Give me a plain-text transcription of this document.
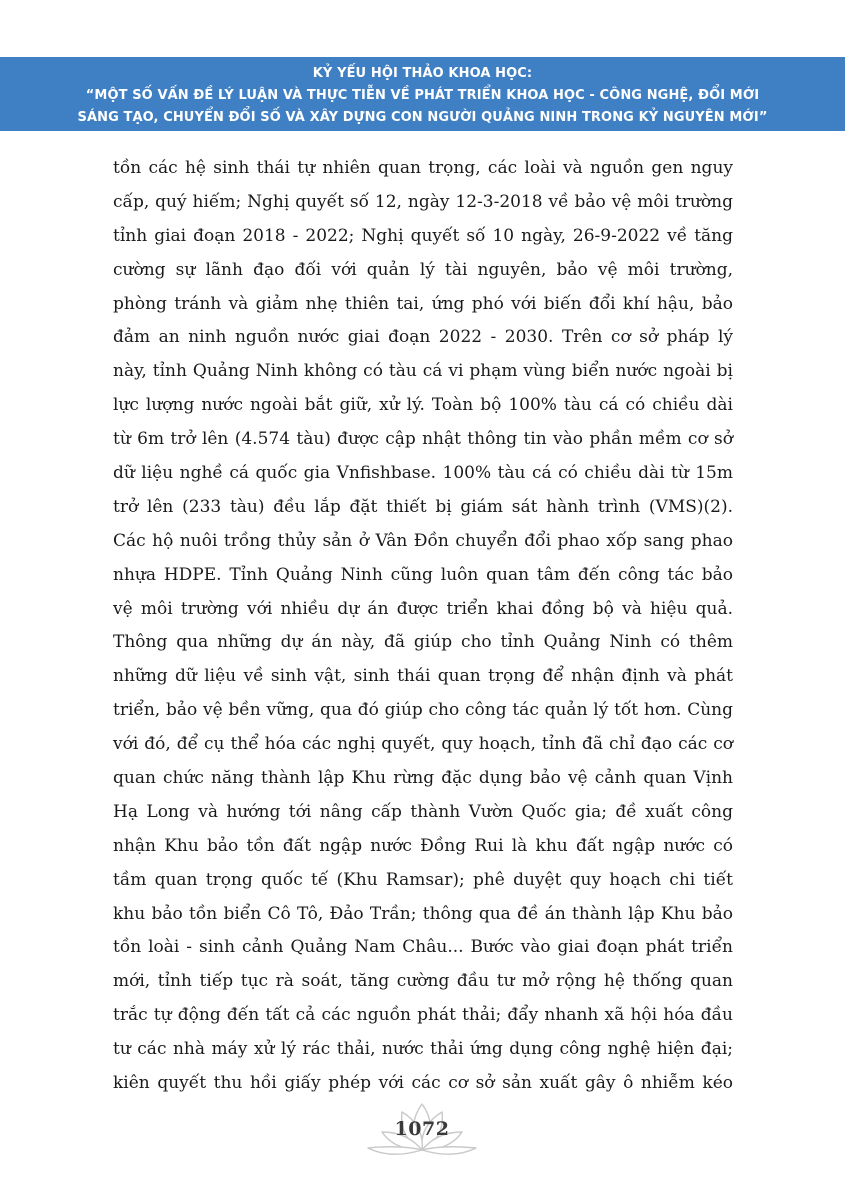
KỶ YẾU HỘI THẢO KHOA HỌC:
“MỘT SỐ VẤN ĐỀ LÝ LUẬN VÀ THỰC TIỄN VỀ PHÁT TRIỂN KHOA HỌC - CÔNG NGHỆ, ĐỔI MỚI
SÁNG TẠO, CHUYỂN ĐỔI SỐ VÀ XÂY DỰNG CON NGƯỜI QUẢNG NINH TRONG KỶ NGUYÊN MỚI”
tồn các hệ sinh thái tự nhiên quan trọng, các loài và nguồn gen nguy
cấp, quý hiếm; Nghị quyết số 12, ngày 12-3-2018 về bảo vệ môi trường
tỉnh giai đoạn 2018 - 2022; Nghị quyết số 10 ngày, 26-9-2022 về tăng
cường sự lãnh đạo đối với quản lý tài nguyên, bảo vệ môi trường,
phòng tránh và giảm nhẹ thiên tai, ứng phó với biến đổi khí hậu, bảo
đảm an ninh nguồn nước giai đoạn 2022 - 2030. Trên cơ sở pháp lý
này, tỉnh Quảng Ninh không có tàu cá vi phạm vùng biển nước ngoài bị
lực lượng nước ngoài bắt giữ, xử lý. Toàn bộ 100% tàu cá có chiều dài
từ 6m trở lên (4.574 tàu) được cập nhật thông tin vào phần mềm cơ sở
dữ liệu nghề cá quốc gia Vnfishbase. 100% tàu cá có chiều dài từ 15m
trở lên (233 tàu) đều lắp đặt thiết bị giám sát hành trình (VMS)(2).
Các hộ nuôi trồng thủy sản ở Vân Đồn chuyển đổi phao xốp sang phao
nhựa HDPE. Tỉnh Quảng Ninh cũng luôn quan tâm đến công tác bảo
vệ môi trường với nhiều dự án được triển khai đồng bộ và hiệu quả.
Thông qua những dự án này, đã giúp cho tỉnh Quảng Ninh có thêm
những dữ liệu về sinh vật, sinh thái quan trọng để nhận định và phát
triển, bảo vệ bền vững, qua đó giúp cho công tác quản lý tốt hơn. Cùng
với đó, để cụ thể hóa các nghị quyết, quy hoạch, tỉnh đã chỉ đạo các cơ
quan chức năng thành lập Khu rừng đặc dụng bảo vệ cảnh quan Vịnh
Hạ Long và hướng tới nâng cấp thành Vườn Quốc gia; đề xuất công
nhận Khu bảo tồn đất ngập nước Đồng Rui là khu đất ngập nước có
tầm quan trọng quốc tế (Khu Ramsar); phê duyệt quy hoạch chi tiết
khu bảo tồn biển Cô Tô, Đảo Trần; thông qua đề án thành lập Khu bảo
tồn loài - sinh cảnh Quảng Nam Châu... Bước vào giai đoạn phát triển
mới, tỉnh tiếp tục rà soát, tăng cường đầu tư mở rộng hệ thống quan
trắc tự động đến tất cả các nguồn phát thải; đẩy nhanh xã hội hóa đầu
tư các nhà máy xử lý rác thải, nước thải ứng dụng công nghệ hiện đại;
kiên quyết thu hồi giấy phép với các cơ sở sản xuất gây ô nhiễm kéo
1072
